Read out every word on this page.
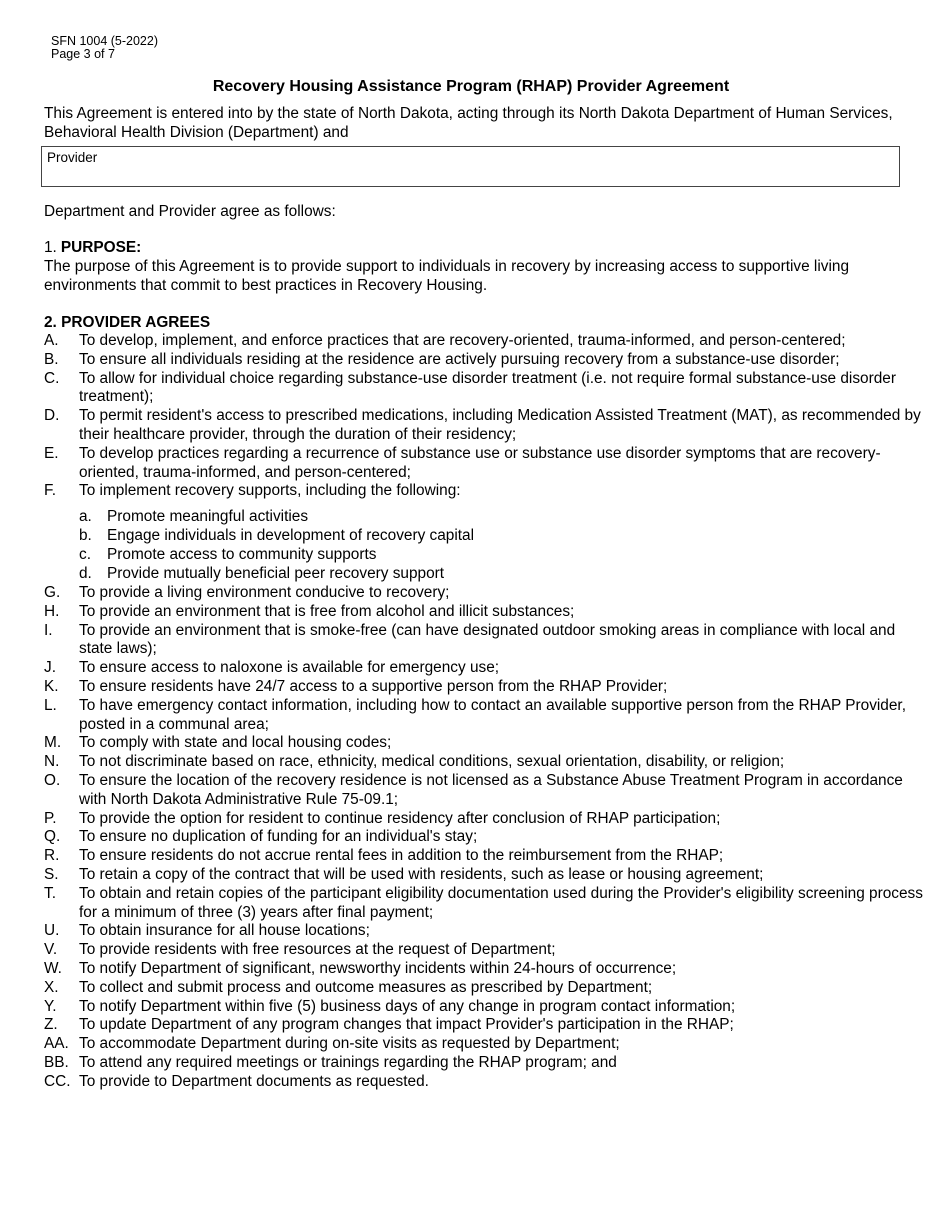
SFN 1004 (5-2022)
Page 3 of 7
Recovery Housing Assistance Program (RHAP) Provider Agreement
This Agreement is entered into by the state of North Dakota, acting through its North Dakota Department of Human Services, Behavioral Health Division (Department) and
Provider
Department and Provider agree as follows:
1. PURPOSE:
The purpose of this Agreement is to provide support to individuals in recovery by increasing access to supportive living environments that commit to best practices in Recovery Housing.
2. PROVIDER AGREES
A. To develop, implement, and enforce practices that are recovery-oriented, trauma-informed, and person-centered;
B. To ensure all individuals residing at the residence are actively pursuing recovery from a substance-use disorder;
C. To allow for individual choice regarding substance-use disorder treatment (i.e. not require formal substance-use disorder treatment);
D. To permit resident's access to prescribed medications, including Medication Assisted Treatment (MAT), as recommended by their healthcare provider, through the duration of their residency;
E. To develop practices regarding a recurrence of substance use or substance use disorder symptoms that are recovery-oriented, trauma-informed, and person-centered;
F. To implement recovery supports, including the following:
a. Promote meaningful activities
b. Engage individuals in development of recovery capital
c. Promote access to community supports
d. Provide mutually beneficial peer recovery support
G. To provide a living environment conducive to recovery;
H. To provide an environment that is free from alcohol and illicit substances;
I. To provide an environment that is smoke-free (can have designated outdoor smoking areas in compliance with local and state laws);
J. To ensure access to naloxone is available for emergency use;
K. To ensure residents have 24/7 access to a supportive person from the RHAP Provider;
L. To have emergency contact information, including how to contact an available supportive person from the RHAP Provider, posted in a communal area;
M. To comply with state and local housing codes;
N. To not discriminate based on race, ethnicity, medical conditions, sexual orientation, disability, or religion;
O. To ensure the location of the recovery residence is not licensed as a Substance Abuse Treatment Program in accordance with North Dakota Administrative Rule 75-09.1;
P. To provide the option for resident to continue residency after conclusion of RHAP participation;
Q. To ensure no duplication of funding for an individual's stay;
R. To ensure residents do not accrue rental fees in addition to the reimbursement from the RHAP;
S. To retain a copy of the contract that will be used with residents, such as lease or housing agreement;
T. To obtain and retain copies of the participant eligibility documentation used during the Provider's eligibility screening process for a minimum of three (3) years after final payment;
U. To obtain insurance for all house locations;
V. To provide residents with free resources at the request of Department;
W. To notify Department of significant, newsworthy incidents within 24-hours of occurrence;
X. To collect and submit process and outcome measures as prescribed by Department;
Y. To notify Department within five (5) business days of any change in program contact information;
Z. To update Department of any program changes that impact Provider's participation in the RHAP;
AA. To accommodate Department during on-site visits as requested by Department;
BB. To attend any required meetings or trainings regarding the RHAP program; and
CC. To provide to Department documents as requested.
